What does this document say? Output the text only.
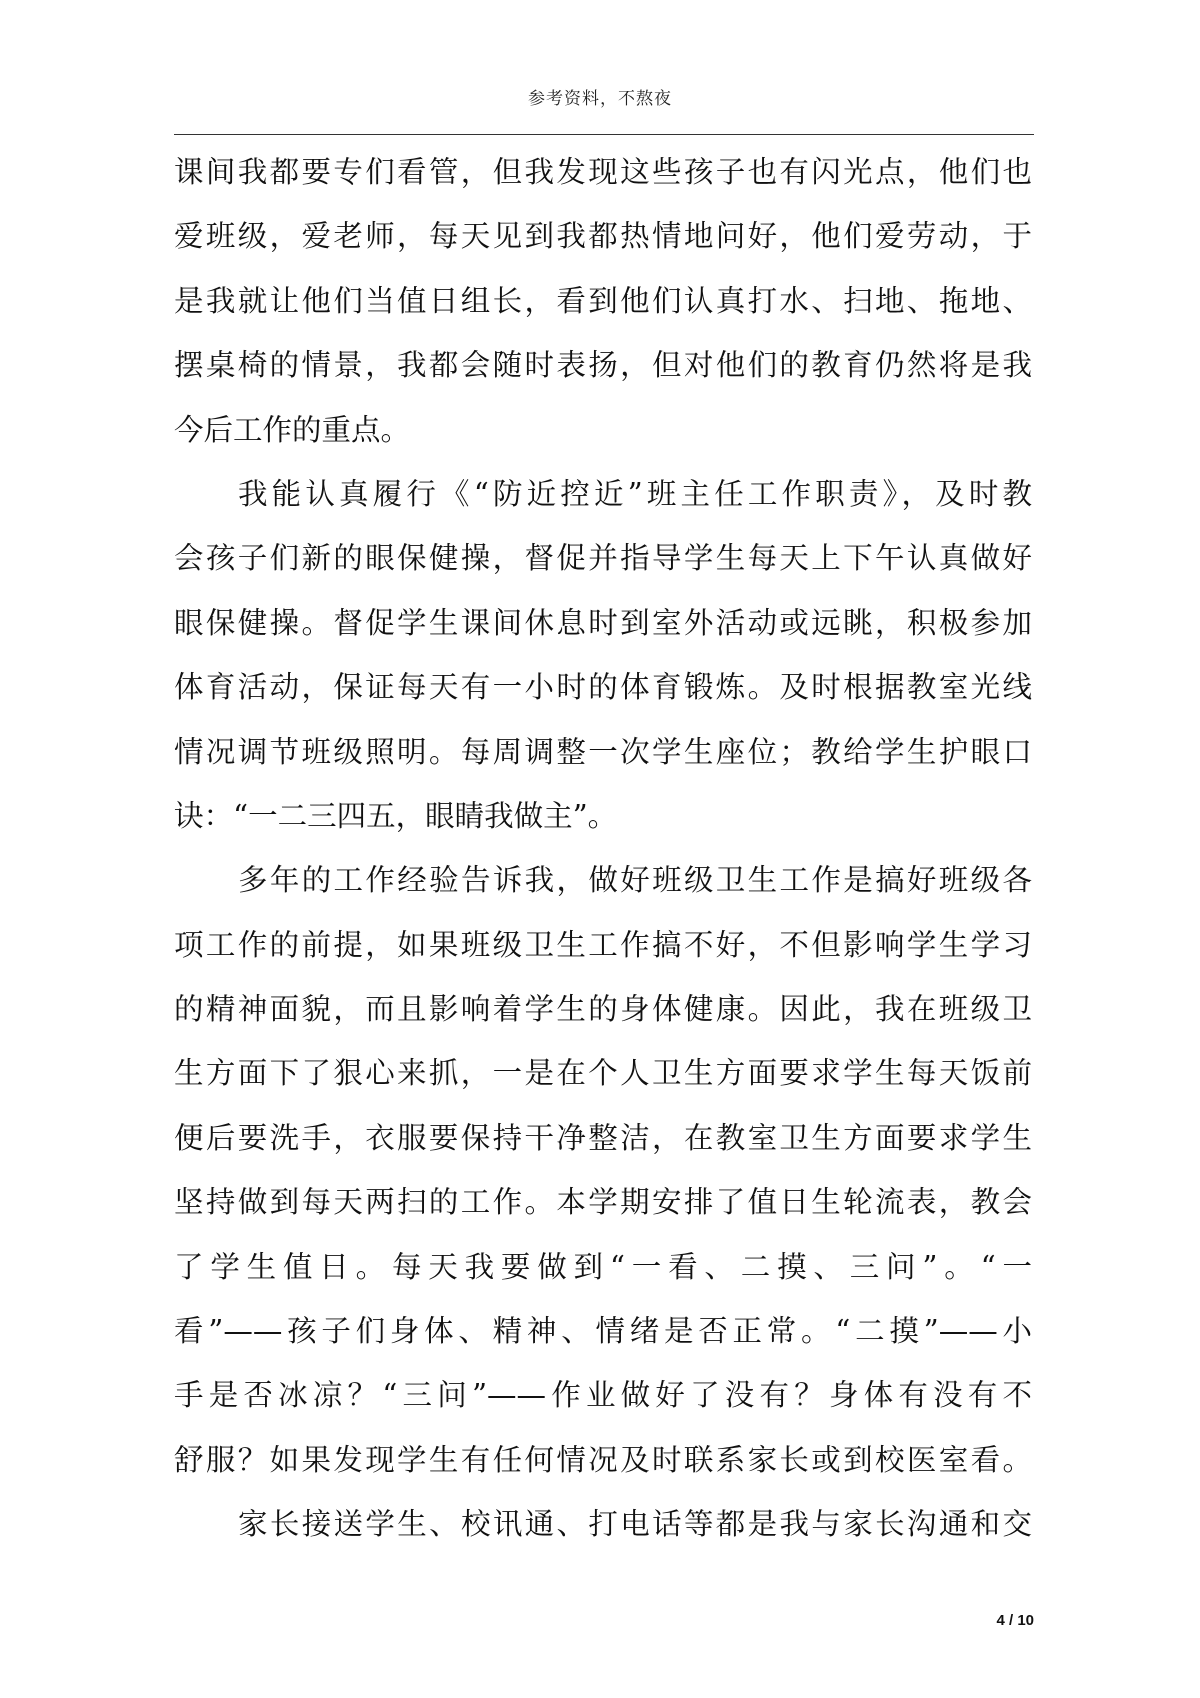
参考资料，不熬夜
课间我都要专们看管，但我发现这些孩子也有闪光点，他们也
爱班级，爱老师，每天见到我都热情地问好，他们爱劳动，于
是我就让他们当值日组长，看到他们认真打水、扫地、拖地、
摆桌椅的情景，我都会随时表扬，但对他们的教育仍然将是我
今后工作的重点。
我能认真履行《“防近控近”班主任工作职责》，及时教
会孩子们新的眼保健操，督促并指导学生每天上下午认真做好
眼保健操。督促学生课间休息时到室外活动或远眺，积极参加
体育活动，保证每天有一小时的体育锻炼。及时根据教室光线
情况调节班级照明。每周调整一次学生座位；教给学生护眼口
诀：“一二三四五，眼睛我做主”。
多年的工作经验告诉我，做好班级卫生工作是搞好班级各
项工作的前提，如果班级卫生工作搞不好，不但影响学生学习
的精神面貌，而且影响着学生的身体健康。因此，我在班级卫
生方面下了狠心来抓，一是在个人卫生方面要求学生每天饭前
便后要洗手，衣服要保持干净整洁，在教室卫生方面要求学生
坚持做到每天两扫的工作。本学期安排了值日生轮流表，教会
了学生值日。每天我要做到“一看、二摸、三问”。“一
看”——孩子们身体、精神、情绪是否正常。“二摸”——小
手是否冰凉？“三问”——作业做好了没有？身体有没有不
舒服？如果发现学生有任何情况及时联系家长或到校医室看。
家长接送学生、校讯通、打电话等都是我与家长沟通和交
4 / 10
